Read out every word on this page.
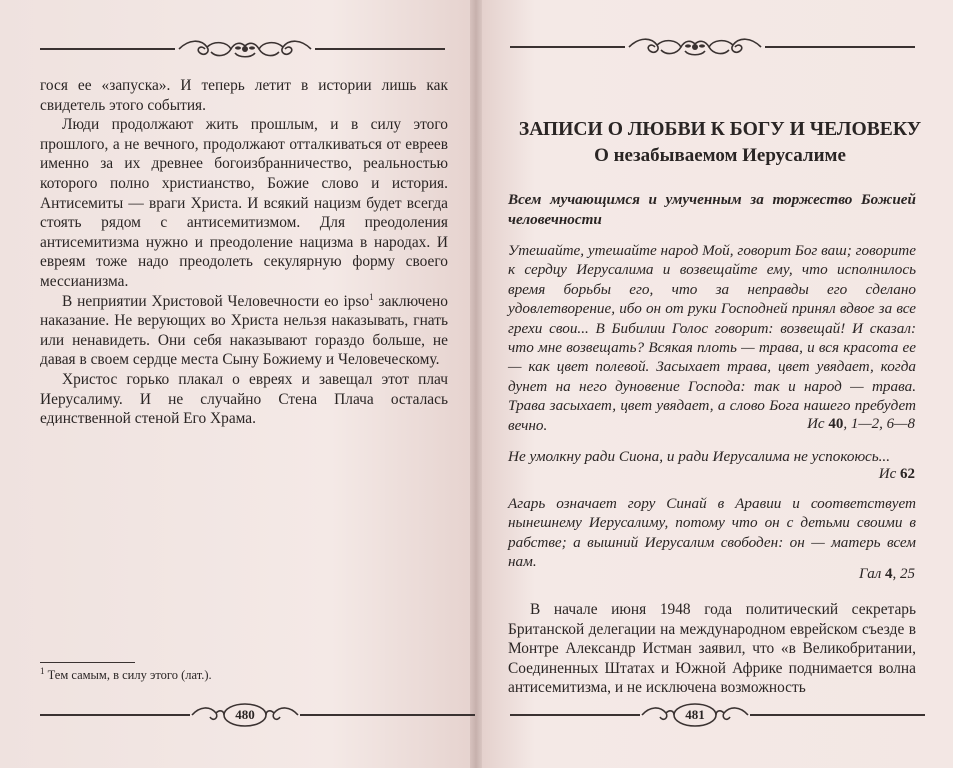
гося ее «запуска». И теперь летит в истории лишь как свидетель этого события.

Люди продолжают жить прошлым, и в силу этого прошлого, а не вечного, продолжают отталкиваться от евреев именно за их древнее богоизбранничество, реальностью которого полно христианство, Божие слово и история. Антисемиты — враги Христа. И всякий нацизм будет всегда стоять рядом с антисемитизмом. Для преодоления антисемитизма нужно и преодоление нацизма в народах. И евреям тоже надо преодолеть секулярную форму своего мессианизма.

В неприятии Христовой Человечности eo ipso$^1$ заключено наказание. Не верующих во Христа нельзя наказывать, гнать или ненавидеть. Они себя наказывают гораздо больше, не давая в своем сердце места Сыну Божиему и Человеческому.

Христос горько плакал о евреях и завещал этот плач Иерусалиму. И не случайно Стена Плача осталась единственной стеной Его Храма.

$^1$ Тем самым, в силу этого (лат.).
480
ЗАПИСИ О ЛЮБВИ К БОГУ И ЧЕЛОВЕКУ
О незабываемом Иерусалиме
Всем мучающимся и умученным за торжество Божией человечности
Утешайте, утешайте народ Мой, говорит Бог ваш; говорите к сердцу Иерусалима и возвещайте ему, что исполнилось время борьбы его, что за неправды его сделано удовлетворение, ибо он от руки Господней принял вдвое за все грехи свои... В Бибилии Голос говорит: возвещай! И сказал: что мне возвещать? Всякая плоть — трава, и вся красота ее — как цвет полевой. Засыхает трава, цвет увядает, когда дунет на него дуновение Господа: так и народ — трава. Трава засыхает, цвет увядает, а слово Бога нашего пребудет вечно.	Ис 40, 1—2, 6—8
Не умолкну ради Сиона, и ради Иерусалима не успокоюсь...
Ис 62
Агарь означает гору Синай в Аравии и соответствует нынешнему Иерусалиму, потому что он с детьми своими в рабстве; а вышний Иерусалим свободен: он — матерь всем нам.
Гал 4, 25

В начале июня 1948 года политический секретарь Британской делегации на международном еврейском съезде в Монтре Александр Истман заявил, что «в Великобритании, Соединенных Штатах и Южной Африке поднимается волна антисемитизма, и не исключена возможность

481
